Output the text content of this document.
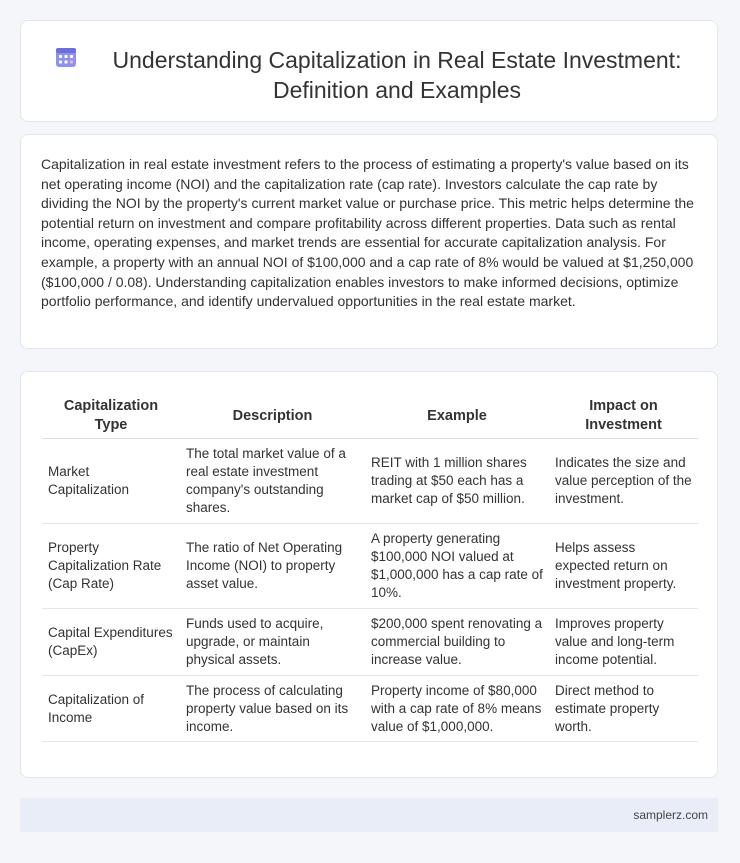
Understanding Capitalization in Real Estate Investment: Definition and Examples

Capitalization in real estate investment refers to the process of estimating a property's value based on its net operating income (NOI) and the capitalization rate (cap rate). Investors calculate the cap rate by dividing the NOI by the property's current market value or purchase price. This metric helps determine the potential return on investment and compare profitability across different properties. Data such as rental income, operating expenses, and market trends are essential for accurate capitalization analysis. For example, a property with an annual NOI of $100,000 and a cap rate of 8% would be valued at $1,250,000 ($100,000 / 0.08). Understanding capitalization enables investors to make informed decisions, optimize portfolio performance, and identify undervalued opportunities in the real estate market.

Capitalization Type	Description	Example	Impact on Investment
Market Capitalization	The total market value of a real estate investment company's outstanding shares.	REIT with 1 million shares trading at $50 each has a market cap of $50 million.	Indicates the size and value perception of the investment.
Property Capitalization Rate (Cap Rate)	The ratio of Net Operating Income (NOI) to property asset value.	A property generating $100,000 NOI valued at $1,000,000 has a cap rate of 10%.	Helps assess expected return on investment property.
Capital Expenditures (CapEx)	Funds used to acquire, upgrade, or maintain physical assets.	$200,000 spent renovating a commercial building to increase value.	Improves property value and long-term income potential.
Capitalization of Income	The process of calculating property value based on its income.	Property income of $80,000 with a cap rate of 8% means value of $1,000,000.	Direct method to estimate property worth.
samplerz.com
